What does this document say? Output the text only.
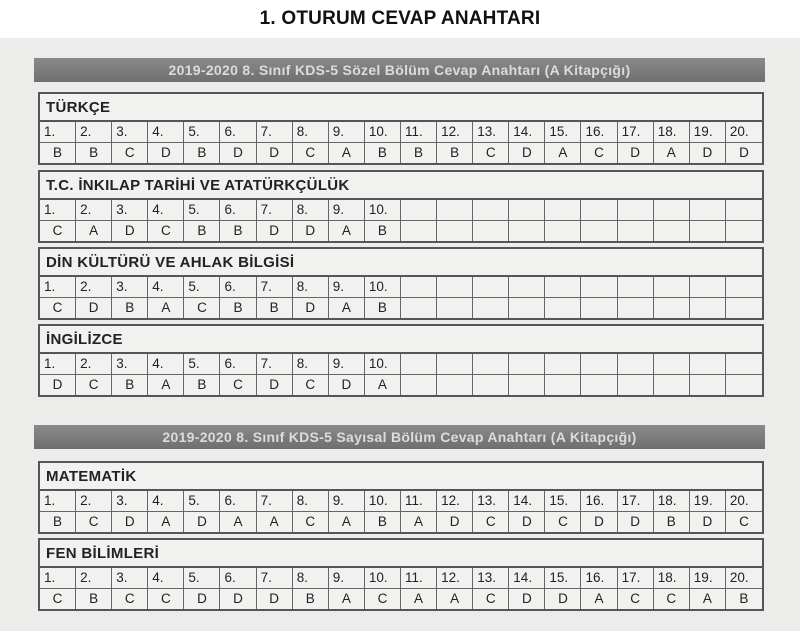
1. OTURUM CEVAP ANAHTARI
2019-2020 8. Sınıf KDS-5 Sözel Bölüm Cevap Anahtarı (A Kitapçığı)
TÜRKÇE
1.	2.	3.	4.	5.	6.	7.	8.	9.	10.	11.	12.	13.	14.	15.	16.	17.	18.	19.	20.
B	B	C	D	B	D	D	C	A	B	B	B	C	D	A	C	D	A	D	D
T.C. İNKILAP TARİHİ VE ATATÜRKÇÜLÜK
1.	2.	3.	4.	5.	6.	7.	8.	9.	10.
C	A	D	C	B	B	D	D	A	B
DİN KÜLTÜRÜ VE AHLAK BİLGİSİ
1.	2.	3.	4.	5.	6.	7.	8.	9.	10.
C	D	B	A	C	B	B	D	A	B
İNGİLİZCE
1.	2.	3.	4.	5.	6.	7.	8.	9.	10.
D	C	B	A	B	C	D	C	D	A
2019-2020 8. Sınıf KDS-5 Sayısal Bölüm Cevap Anahtarı (A Kitapçığı)
MATEMATİK
1.	2.	3.	4.	5.	6.	7.	8.	9.	10.	11.	12.	13.	14.	15.	16.	17.	18.	19.	20.
B	C	D	A	D	A	A	C	A	B	A	D	C	D	C	D	D	B	D	C
FEN BİLİMLERİ
1.	2.	3.	4.	5.	6.	7.	8.	9.	10.	11.	12.	13.	14.	15.	16.	17.	18.	19.	20.
C	B	C	C	D	D	D	B	A	C	A	A	C	D	D	A	C	C	A	B
